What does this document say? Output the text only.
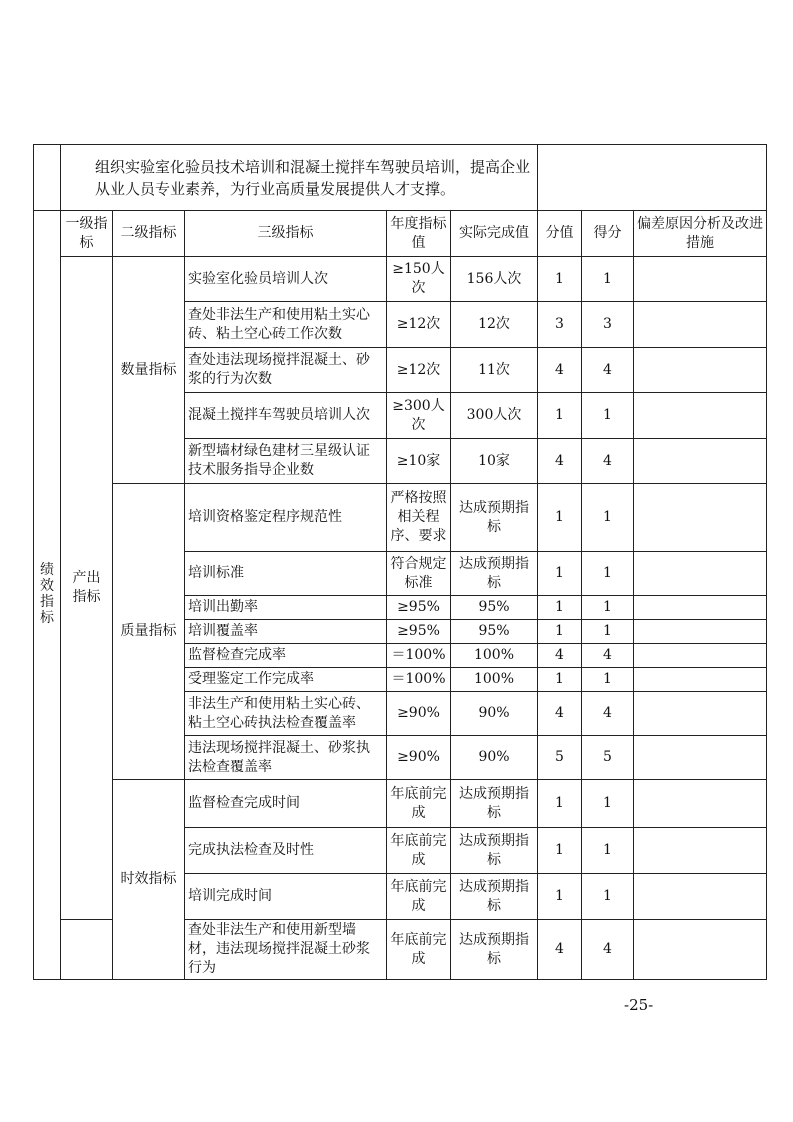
	组织实验室化验员技术培训和混凝土搅拌车驾驶员培训，提高企业从业人员专业素养，为行业高质量发展提供人才支撑。							
绩效指标	一级指标	二级指标	三级指标	年度指标值	实际完成值	分值	得分	偏差原因分析及改进措施
	产出指标	数量指标	实验室化验员培训人次	≥150人次	156人次	1	1	
			查处非法生产和使用粘土实心砖、粘土空心砖工作次数	≥12次	12次	3	3	
			查处违法现场搅拌混凝土、砂浆的行为次数	≥12次	11次	4	4	
			混凝土搅拌车驾驶员培训人次	≥300人次	300人次	1	1	
			新型墙材绿色建材三星级认证技术服务指导企业数	≥10家	10家	4	4	
		质量指标	培训资格鉴定程序规范性	严格按照相关程序、要求	达成预期指标	1	1	
			培训标准	符合规定标准	达成预期指标	1	1	
			培训出勤率	≥95%	95%	1	1	
			培训覆盖率	≥95%	95%	1	1	
			监督检查完成率	＝100%	100%	4	4	
			受理鉴定工作完成率	＝100%	100%	1	1	
			非法生产和使用粘土实心砖、粘土空心砖执法检查覆盖率	≥90%	90%	4	4	
			违法现场搅拌混凝土、砂浆执法检查覆盖率	≥90%	90%	5	5	
		时效指标	监督检查完成时间	年底前完成	达成预期指标	1	1	
			完成执法检查及时性	年底前完成	达成预期指标	1	1	
			培训完成时间	年底前完成	达成预期指标	1	1	
			查处非法生产和使用新型墙材，违法现场搅拌混凝土砂浆行为	年底前完成	达成预期指标	4	4	
-25-
